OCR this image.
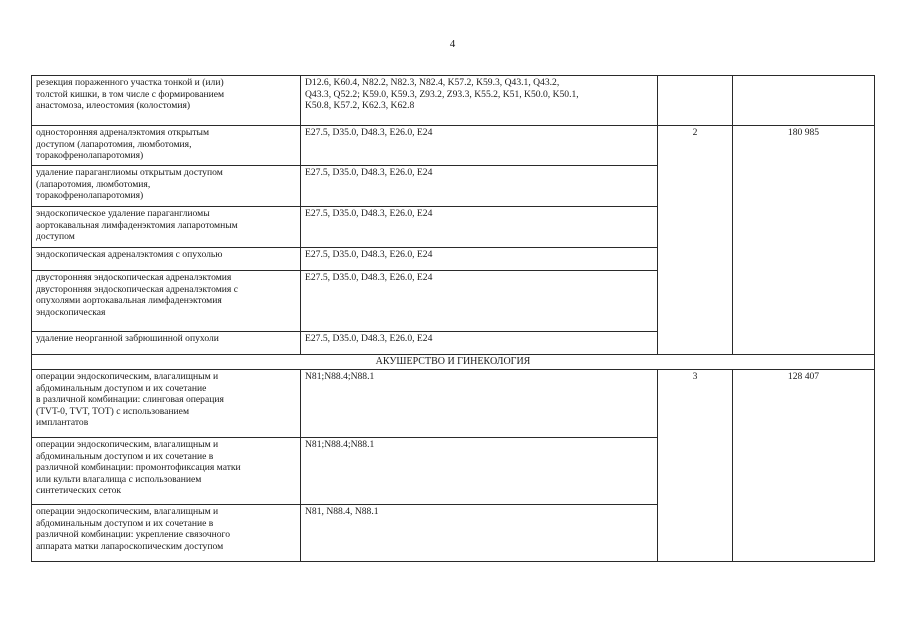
4
резекция пораженного участка тонкой и (или)
толстой кишки, в том числе с формированием
анастомоза, илеостомия (колостомия)	D12.6, K60.4, N82.2, N82.3, N82.4, K57.2, K59.3, Q43.1, Q43.2,
Q43.3, Q52.2; K59.0, K59.3, Z93.2, Z93.3, K55.2, K51, K50.0, K50.1,
K50.8, K57.2, K62.3, K62.8		
односторонняя адреналэктомия открытым
доступом (лапаротомия, люмботомия,
торакофренолапаротомия)	E27.5, D35.0, D48.3, E26.0, E24	2	180 985
удаление параганглиомы открытым доступом
(лапаротомия, люмботомия,
торакофренолапаротомия)	E27.5, D35.0, D48.3, E26.0, E24		
эндоскопическое удаление параганглиомы
аортокавальная лимфаденэктомия лапаротомным
доступом	E27.5, D35.0, D48.3, E26.0, E24		
эндоскопическая адреналэктомия с опухолью	E27.5, D35.0, D48.3, E26.0, E24		
двусторонняя эндоскопическая адреналэктомия
двусторонняя эндоскопическая адреналэктомия с
опухолями аортокавальная лимфаденэктомия
эндоскопическая	E27.5, D35.0, D48.3, E26.0, E24		
удаление неорганной забрюшинной опухоли	E27.5, D35.0, D48.3, E26.0, E24		
АКУШЕРСТВО И ГИНЕКОЛОГИЯ			
операции эндоскопическим, влагалищным и
абдоминальным доступом и их сочетание
в различной комбинации: слинговая операция
(TVT-0, TVT, TOT) с использованием
имплантатов	N81;N88.4;N88.1	3	128 407
операции эндоскопическим, влагалищным и
абдоминальным доступом и их сочетание в
различной комбинации: промонтофиксация матки
или культи влагалища с использованием
синтетических сеток	N81;N88.4;N88.1		
операции эндоскопическим, влагалищным и
абдоминальным доступом и их сочетание в
различной комбинации: укрепление связочного
аппарата матки лапароскопическим доступом	N81, N88.4, N88.1		
